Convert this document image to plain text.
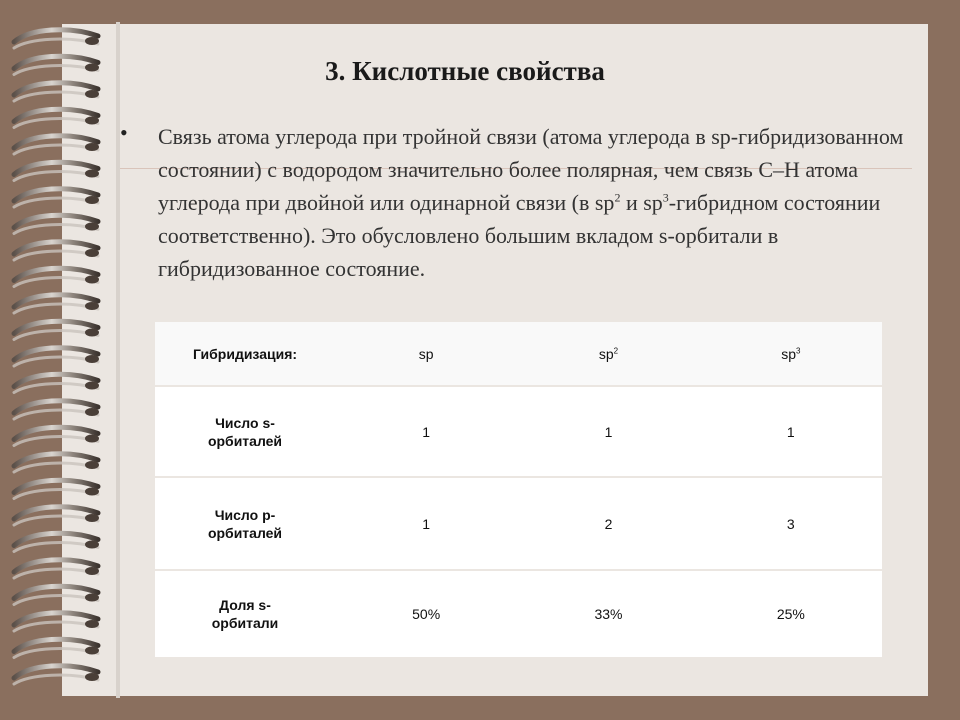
3. Кислотные свойства
• Связь атома углерода при тройной связи (атома углерода в sp-гибридизованном состоянии) с водородом значительно более полярная, чем связь С–Н атома углерода при двойной или одинарной связи (в $sp^2$ и $sp^3$-гибридном состоянии соответственно). Это обусловлено большим вкладом s-орбитали в гибридизованное состояние.

Гибридизация:	sp	$sp^2$	$sp^3$
Число s-орбиталей	1	1	1
Число p-орбиталей	1	2	3
Доля s-орбитали	50%	33%	25%
